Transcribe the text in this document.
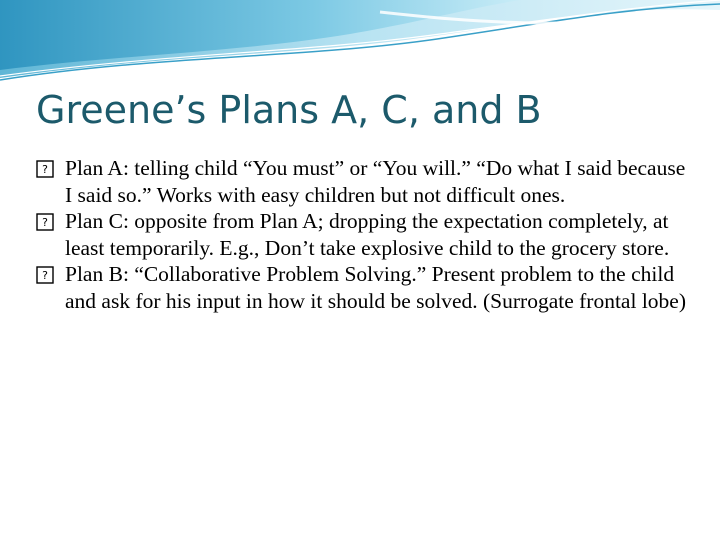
Greene’s Plans A, C, and B
? Plan A: telling child “You must” or “You will.” “Do what I said because I said so.” Works with easy children but not difficult ones.
? Plan C: opposite from Plan A; dropping the expectation completely, at least temporarily. E.g., Don’t take explosive child to the grocery store.
? Plan B: “Collaborative Problem Solving.” Present problem to the child and ask for his input in how it should be solved. (Surrogate frontal lobe)
